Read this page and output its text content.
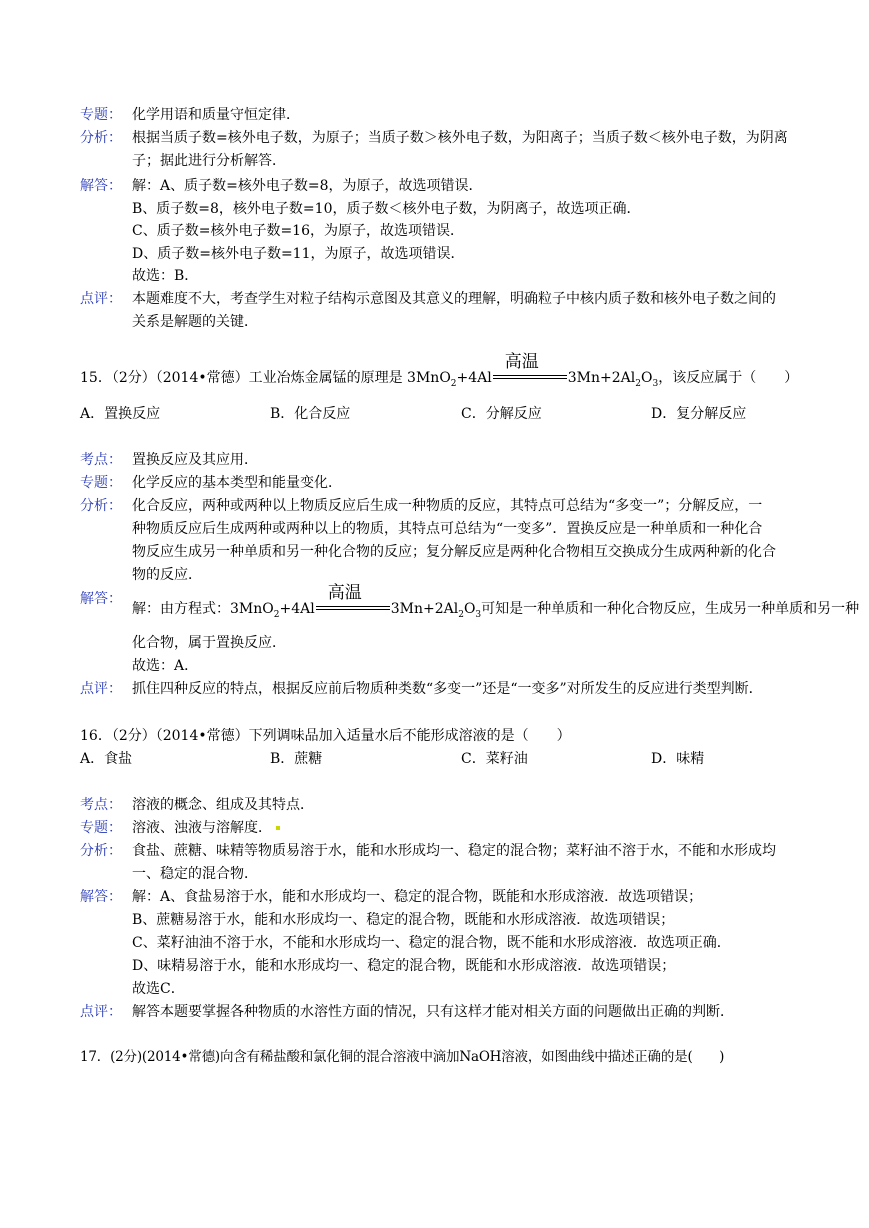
专题： 化学用语和质量守恒定律．
分析： 根据当质子数=核外电子数，为原子；当质子数＞核外电子数，为阳离子；当质子数＜核外电子数，为阴离
子；据此进行分析解答．
解答： 解：A、质子数=核外电子数=8，为原子，故选项错误．
B、质子数=8，核外电子数=10，质子数＜核外电子数，为阴离子，故选项正确．
C、质子数=核外电子数=16，为原子，故选项错误．
D、质子数=核外电子数=11，为原子，故选项错误．
故选：B．
点评： 本题难度不大，考查学生对粒子结构示意图及其意义的理解，明确粒子中核内质子数和核外电子数之间的
关系是解题的关键．
15．（2分）（2014•常德）工业冶炼金属锰的原理是 3MnO$_2$+4Al
高温
$3Mn+2Al_2O_3$，该反应属于（　　）
A．置换反应	B．化合反应	C．分解反应	D．复分解反应
考点： 置换反应及其应用．
专题： 化学反应的基本类型和能量变化．
分析： 化合反应，两种或两种以上物质反应后生成一种物质的反应，其特点可总结为“多变一”；分解反应，一
种物质反应后生成两种或两种以上的物质，其特点可总结为“一变多”．置换反应是一种单质和一种化合
物反应生成另一种单质和另一种化合物的反应；复分解反应是两种化合物相互交换成分生成两种新的化合
物的反应．
解答：
解：由方程式：3MnO$_2$+4Al
高温
$3Mn+2Al_2O_3$可知是一种单质和一种化合物反应，生成另一种单质和另一种
化合物，属于置换反应．
故选：A．
点评： 抓住四种反应的特点，根据反应前后物质种类数“多变一”还是“一变多”对所发生的反应进行类型判断．
16．（2分）（2014•常德）下列调味品加入适量水后不能形成溶液的是（　　）
A．食盐	B．蔗糖	C．菜籽油	D．味精
考点： 溶液的概念、组成及其特点．
专题： 溶液、浊液与溶解度．
分析： 食盐、蔗糖、味精等物质易溶于水，能和水形成均一、稳定的混合物；菜籽油不溶于水，不能和水形成均
一、稳定的混合物．
解答： 解：A、食盐易溶于水，能和水形成均一、稳定的混合物，既能和水形成溶液．故选项错误；
B、蔗糖易溶于水，能和水形成均一、稳定的混合物，既能和水形成溶液．故选项错误；
C、菜籽油油不溶于水，不能和水形成均一、稳定的混合物，既不能和水形成溶液．故选项正确．
D、味精易溶于水，能和水形成均一、稳定的混合物，既能和水形成溶液．故选项错误；
故选C．
点评： 解答本题要掌握各种物质的水溶性方面的情况，只有这样才能对相关方面的问题做出正确的判断．
17．(2分)(2014•常德)向含有稀盐酸和氯化铜的混合溶液中滴加NaOH溶液，如图曲线中描述正确的是(　　)
